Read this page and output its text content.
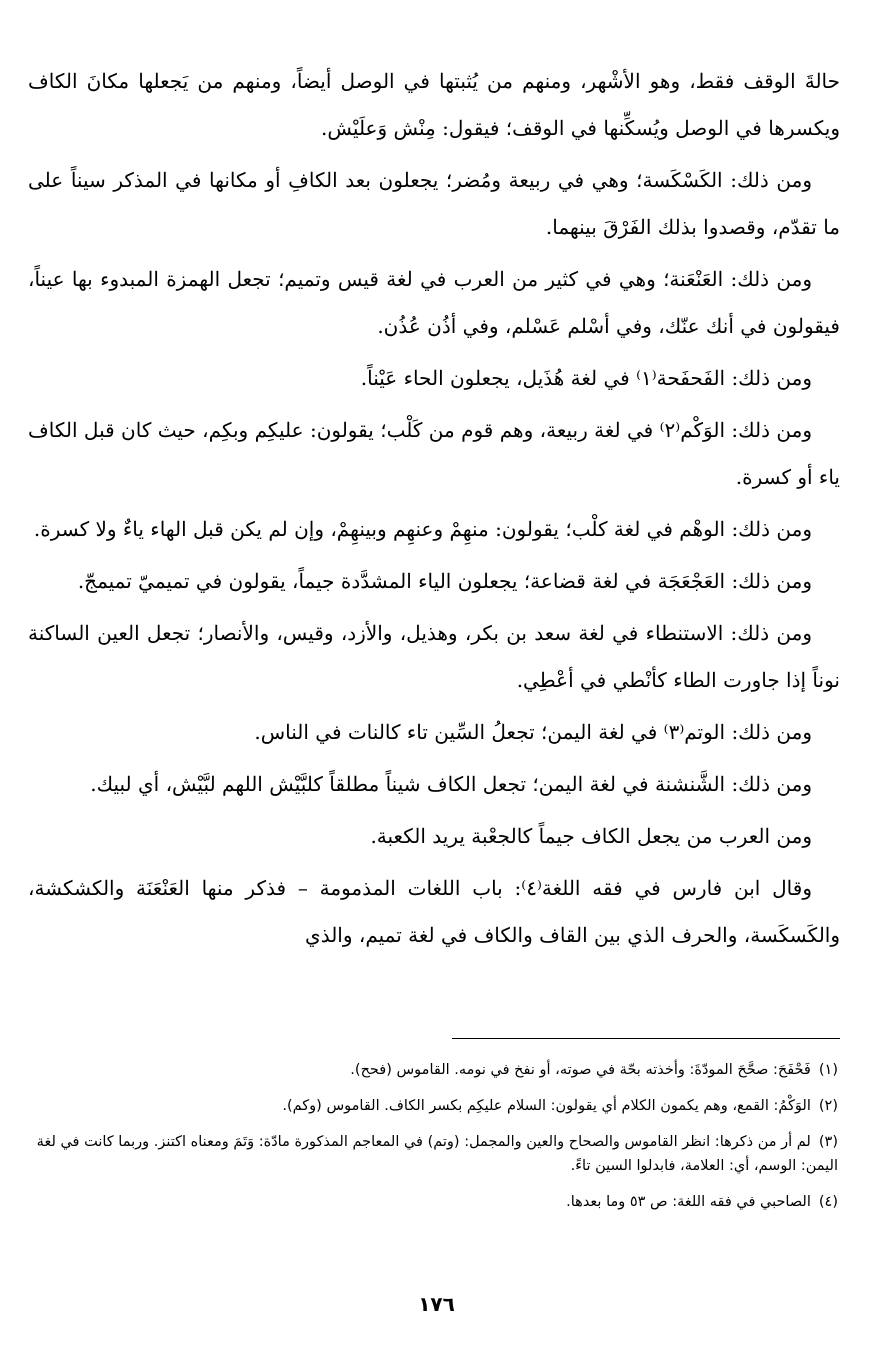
حالةَ الوقف فقط، وهو الأشْهر، ومنهم من يُثبتها في الوصل أيضاً، ومنهم من يَجعلها مكانَ الكاف ويكسرها في الوصل ويُسكِّنها في الوقف؛ فيقول: مِنْش وَعلَيْش.

ومن ذلك: الكَسْكَسة؛ وهي في ربيعة ومُضر؛ يجعلون بعد الكافِ أو مكانها في المذكر سيناً على ما تقدّم، وقصدوا بذلك الفَرْقَ بينهما.

ومن ذلك: العَنْعَنة؛ وهي في كثير من العرب في لغة قيس وتميم؛ تجعل الهمزة المبدوء بها عيناً، فيقولون في أنك عنّك، وفي أسْلم عَسْلم، وفي أذُن عُذُن.

ومن ذلك: الفَحفَحة⁽١⁾ في لغة هُذَيل، يجعلون الحاء عَيْناً.

ومن ذلك: الوَكْم⁽٢⁾ في لغة ربيعة، وهم قوم من كَلْب؛ يقولون: عليكِم وبكِم، حيث كان قبل الكاف ياء أو كسرة.

ومن ذلك: الوهْم في لغة كلْب؛ يقولون: منهِمْ وعنهِم وبينهِمْ، وإن لم يكن قبل الهاء ياءٌ ولا كسرة.

ومن ذلك: العَجْعَجَة في لغة قضاعة؛ يجعلون الياء المشدَّدة جيماً، يقولون في تميميّ تميمجّ.

ومن ذلك: الاستنطاء في لغة سعد بن بكر، وهذيل، والأزد، وقيس، والأنصار؛ تجعل العين الساكنة نوناً إذا جاورت الطاء كأنْطي في أعْطِي.

ومن ذلك: الوتم⁽٣⁾ في لغة اليمن؛ تجعلُ السِّين تاء كالنات في الناس.

ومن ذلك: الشَّنشنة في لغة اليمن؛ تجعل الكاف شيناً مطلقاً كلبَّيْش اللهم لبَّيْش، أي لبيك.

ومن العرب من يجعل الكاف جيماً كالجعْبة يريد الكعبة.

وقال ابن فارس في فقه اللغة⁽٤⁾: باب اللغات المذمومة – فذكر منها العَنْعَنَة والكشكشة، والكَسكَسة، والحرف الذي بين القاف والكاف في لغة تميم، والذي

(١)فَحْفَحَ: صحَّحَ المودّةَ: وأخذته بحّة في صوته، أو نفخ في نومه. القاموس (فحح).

(٢)الوَكْمُ: القمع، وهم يكمون الكلام أي يقولون: السلام عليكِم بكسر الكاف. القاموس (وكم).

(٣)لم أر من ذكرها: انظر القاموس والصحاح والعين والمجمل: (وتم) في المعاجم المذكورة مادّة: وَتَمَ ومعناه اكتنز. وربما كانت في لغة اليمن: الوسم، أي: العلامة، فابدلوا السين تاءً.

(٤)الصاحبي في فقه اللغة: ص ٥٣ وما بعدها.

١٧٦
